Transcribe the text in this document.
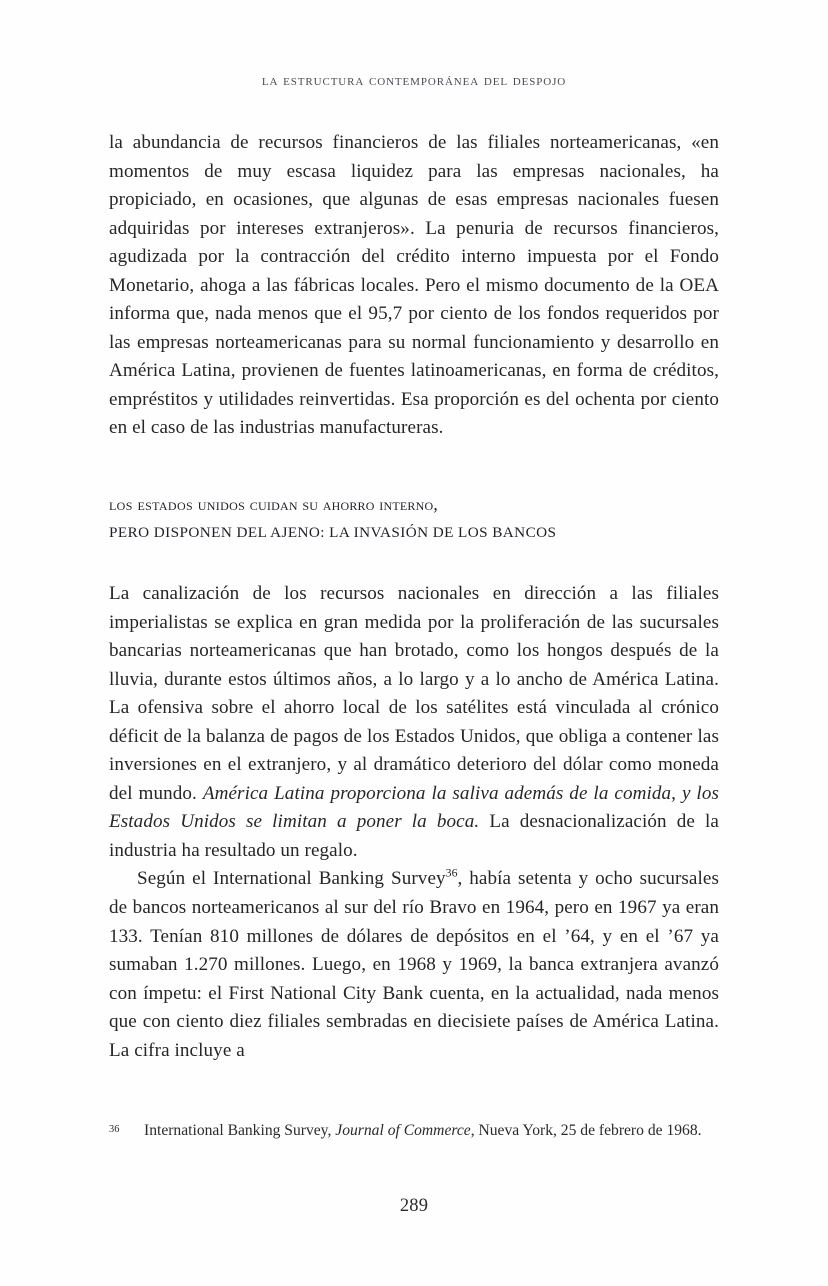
la estructura contemporánea del despojo

la abundancia de recursos financieros de las filiales norteamericanas, «en momentos de muy escasa liquidez para las empresas nacionales, ha propiciado, en ocasiones, que algunas de esas empresas nacionales fuesen adquiridas por intereses extranjeros». La penuria de recursos financieros, agudizada por la contracción del crédito interno impuesta por el Fondo Monetario, ahoga a las fábricas locales. Pero el mismo documento de la OEA informa que, nada menos que el 95,7 por ciento de los fondos requeridos por las empresas norteamericanas para su normal funcionamiento y desarrollo en América Latina, provienen de fuentes latinoamericanas, en forma de créditos, empréstitos y utilidades reinvertidas. Esa proporción es del ochenta por ciento en el caso de las industrias manufactureras.

los estados unidos cuidan su ahorro interno,
PERO DISPONEN DEL AJENO: LA INVASIÓN DE LOS BANCOS

La canalización de los recursos nacionales en dirección a las filiales imperialistas se explica en gran medida por la proliferación de las sucursales bancarias norteamericanas que han brotado, como los hongos después de la lluvia, durante estos últimos años, a lo largo y a lo ancho de América Latina. La ofensiva sobre el ahorro local de los satélites está vinculada al crónico déficit de la balanza de pagos de los Estados Unidos, que obliga a contener las inversiones en el extranjero, y al dramático deterioro del dólar como moneda del mundo. América Latina proporciona la saliva además de la comida, y los Estados Unidos se limitan a poner la boca. La desnacionalización de la industria ha resultado un regalo.

Según el International Banking Survey$^{36}$, había setenta y ocho sucursales de bancos norteamericanos al sur del río Bravo en 1964, pero en 1967 ya eran 133. Tenían 810 millones de dólares de depósitos en el ’64, y en el ’67 ya sumaban 1.270 millones. Luego, en 1968 y 1969, la banca extranjera avanzó con ímpetu: el First National City Bank cuenta, en la actualidad, nada menos que con ciento diez filiales sembradas en diecisiete países de América Latina. La cifra incluye a

36 International Banking Survey, Journal of Commerce, Nueva York, 25 de febrero de 1968.
289
